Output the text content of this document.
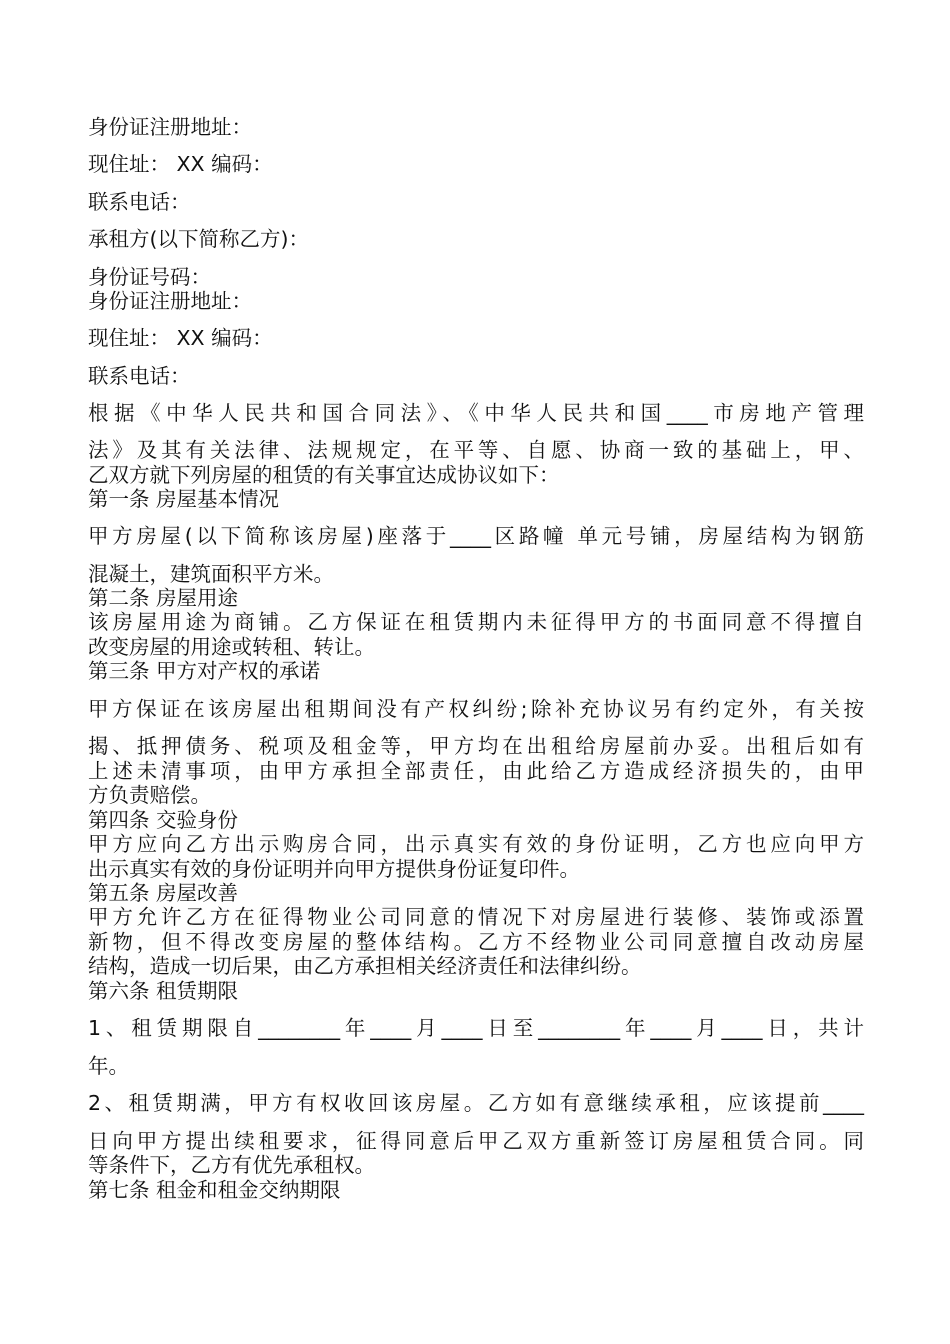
身份证注册地址：

现住址： XX 编码：

联系电话：

承租方(以下简称乙方)：

身份证号码：

身份证注册地址：

现住址： XX 编码：

联系电话：

根据《中华人民共和国合同法》、《中华人民共和国____市房地产管理

法》及其有关法律、法规规定，在平等、自愿、协商一致的基础上，甲、

乙双方就下列房屋的租赁的有关事宜达成协议如下：

第一条 房屋基本情况

甲方房屋(以下简称该房屋)座落于____区路幢 单元号铺，房屋结构为钢筋

混凝土，建筑面积平方米。

第二条 房屋用途

该房屋用途为商铺。乙方保证在租赁期内未征得甲方的书面同意不得擅自

改变房屋的用途或转租、转让。

第三条 甲方对产权的承诺

甲方保证在该房屋出租期间没有产权纠纷;除补充协议另有约定外，有关按

揭、抵押债务、税项及租金等，甲方均在出租给房屋前办妥。出租后如有

上述未清事项，由甲方承担全部责任，由此给乙方造成经济损失的，由甲

方负责赔偿。

第四条 交验身份

甲方应向乙方出示购房合同，出示真实有效的身份证明，乙方也应向甲方

出示真实有效的身份证明并向甲方提供身份证复印件。

第五条 房屋改善

甲方允许乙方在征得物业公司同意的情况下对房屋进行装修、装饰或添置

新物，但不得改变房屋的整体结构。乙方不经物业公司同意擅自改动房屋

结构，造成一切后果，由乙方承担相关经济责任和法律纠纷。

第六条 租赁期限

1、租赁期限自________年____月____日至________年____月____日，共计

年。

2、租赁期满，甲方有权收回该房屋。乙方如有意继续承租，应该提前____

日向甲方提出续租要求，征得同意后甲乙双方重新签订房屋租赁合同。同

等条件下，乙方有优先承租权。

第七条 租金和租金交纳期限
